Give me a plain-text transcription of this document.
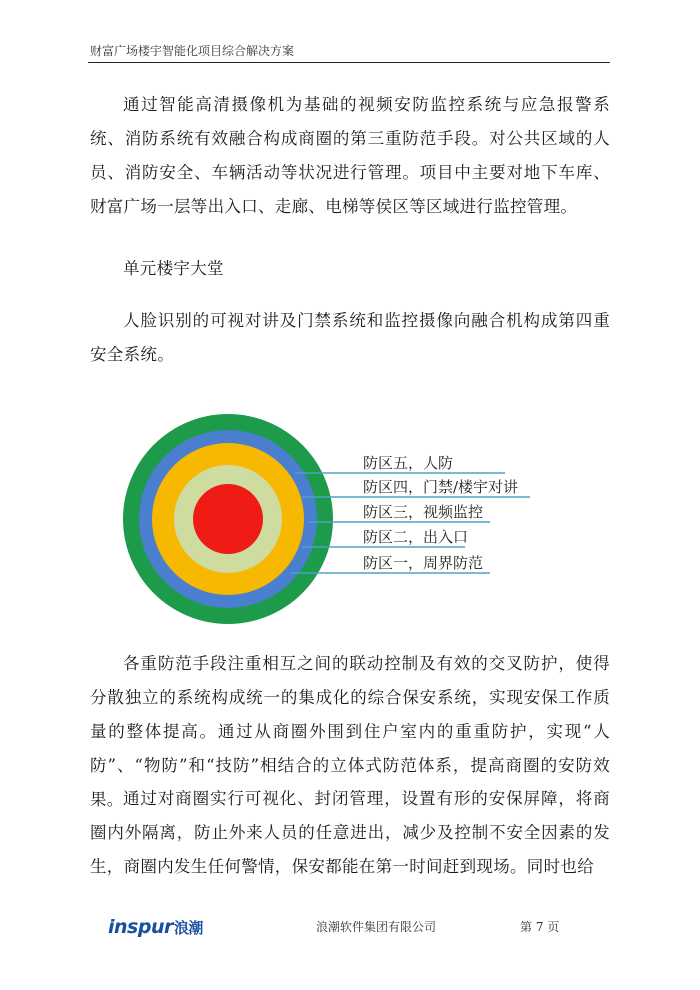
财富广场楼宇智能化项目综合解决方案

通过智能高清摄像机为基础的视频安防监控系统与应急报警系统、消防系统有效融合构成商圈的第三重防范手段。对公共区域的人员、消防安全、车辆活动等状况进行管理。项目中主要对地下车库、财富广场一层等出入口、走廊、电梯等侯区等区域进行监控管理。

单元楼宇大堂

人脸识别的可视对讲及门禁系统和监控摄像向融合机构成第四重安全系统。

防区五，人防
防区四，门禁/楼宇对讲
防区三，视频监控
防区二，出入口
防区一，周界防范

各重防范手段注重相互之间的联动控制及有效的交叉防护，使得分散独立的系统构成统一的集成化的综合保安系统，实现安保工作质量的整体提高。通过从商圈外围到住户室内的重重防护，实现“人防”、“物防”和“技防”相结合的立体式防范体系，提高商圈的安防效果。 通过对商圈实行可视化、封闭管理，设置有形的安保屏障，将商圈内外隔离，防止外来人员的任意进出，减少及控制不安全因素的发生，商圈内发生任何警情，保安都能在第一时间赶到现场。同时也给

inspur浪潮	浪潮软件集团有限公司	第 7 页
